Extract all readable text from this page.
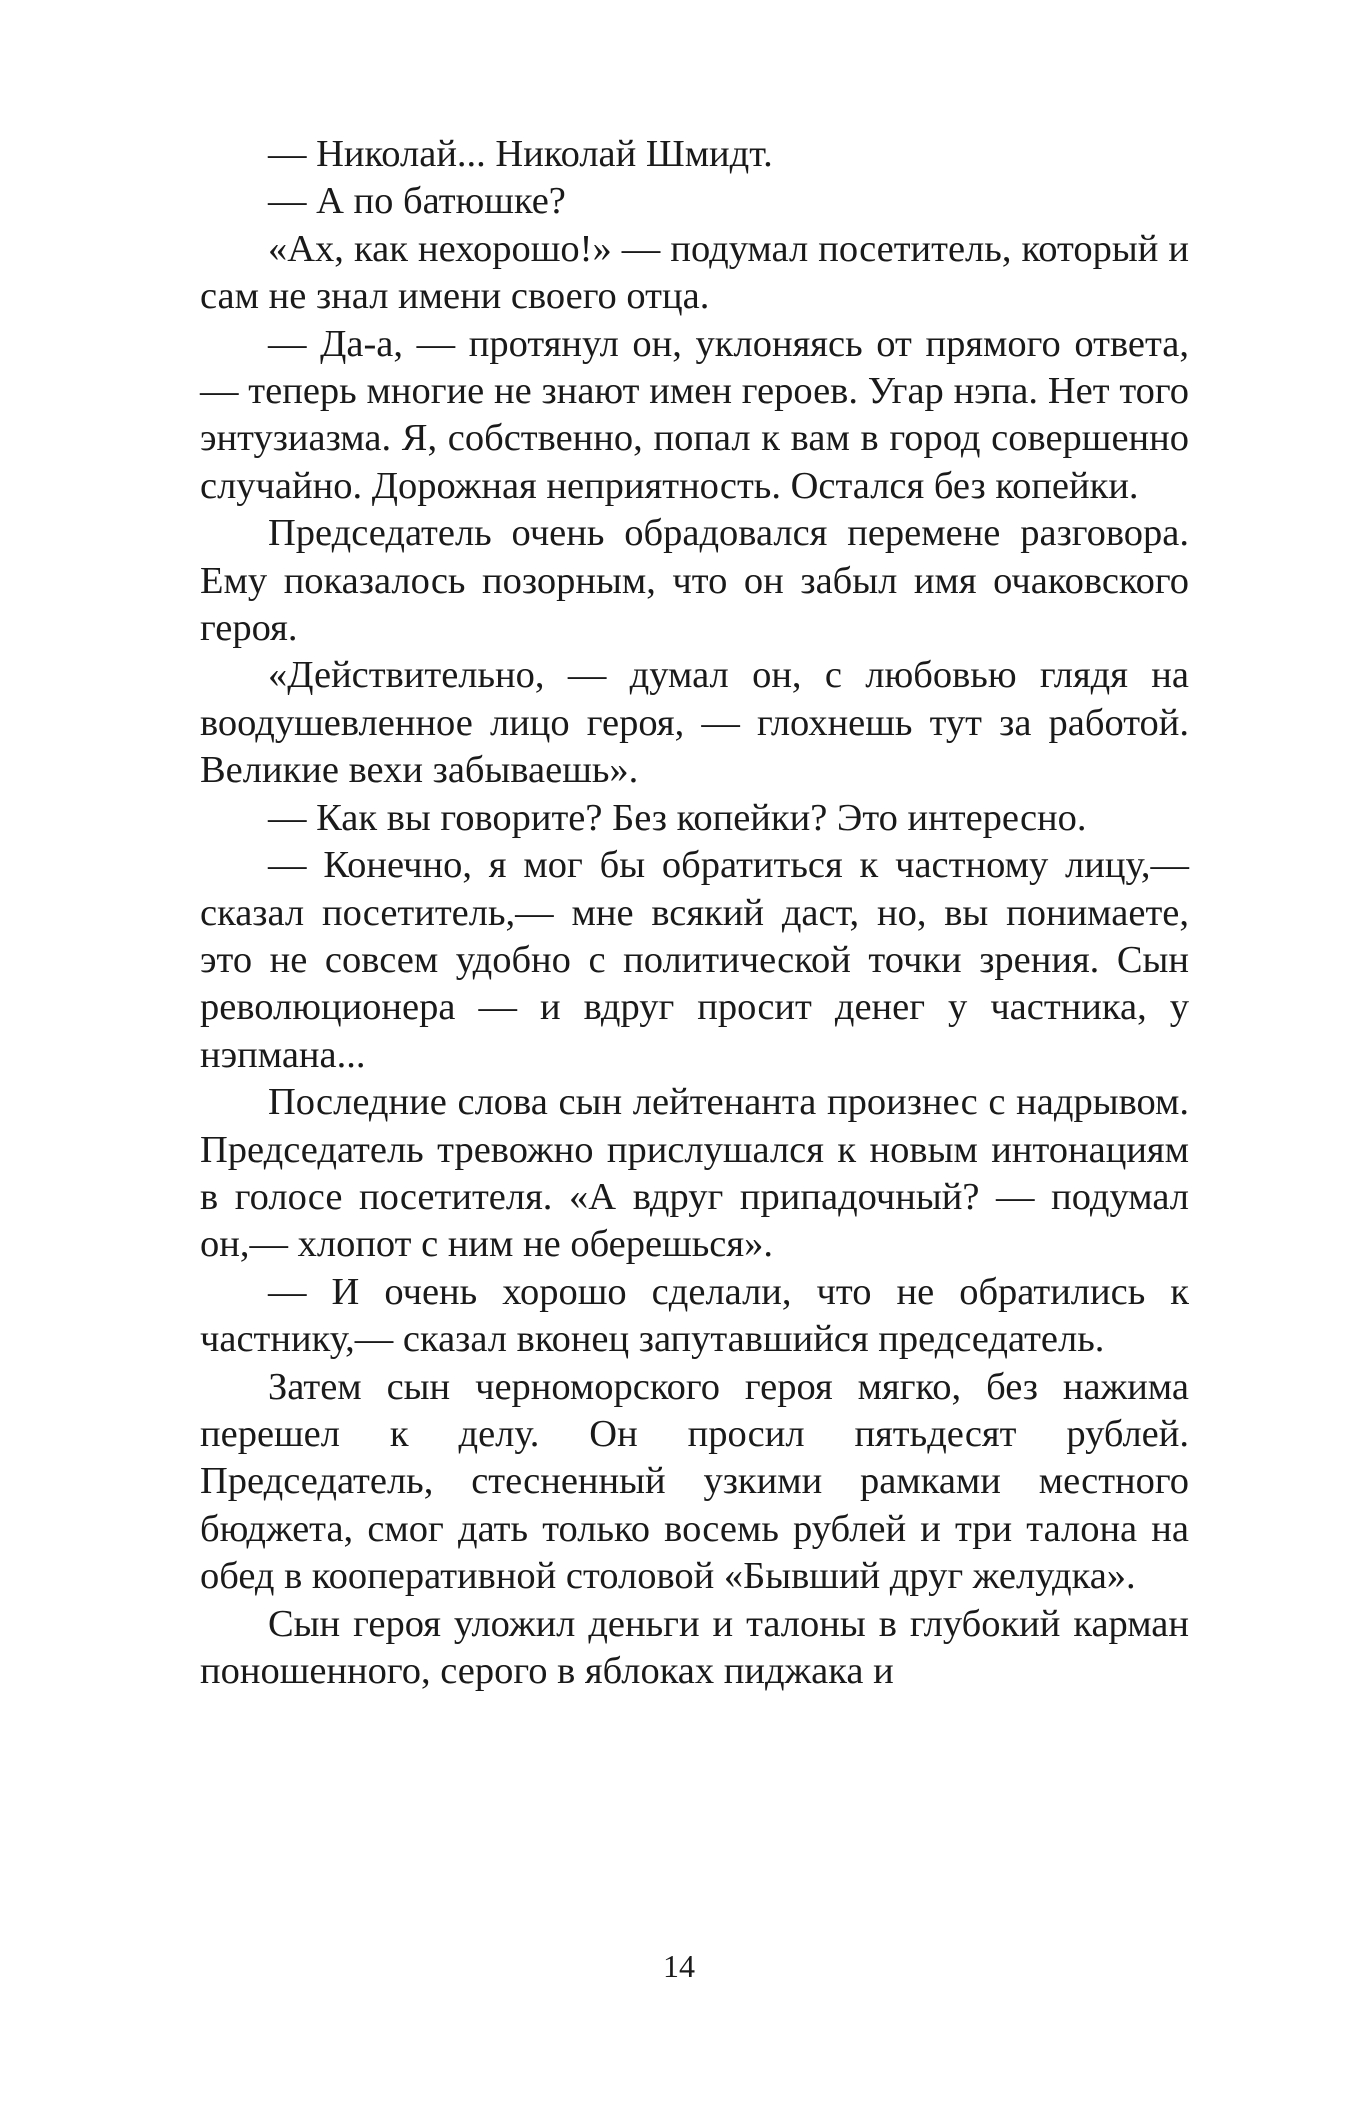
— Николай... Николай Шмидт.

— А по батюшке?

«Ах, как нехорошо!» — подумал посетитель, который и сам не знал имени своего отца.

— Да-а, — протянул он, уклоняясь от прямого ответа,— теперь многие не знают имен героев. Угар нэпа. Нет того энтузиазма. Я, собственно, попал к вам в город совершенно случайно. Дорожная неприятность. Остался без копейки.

Председатель очень обрадовался перемене разговора. Ему показалось позорным, что он забыл имя очаковского героя.

«Действительно, — думал он, с любовью глядя на воодушевленное лицо героя, — глохнешь тут за работой. Великие вехи забываешь».

— Как вы говорите? Без копейки? Это интересно.

— Конечно, я мог бы обратиться к частному лицу,— сказал посетитель,— мне всякий даст, но, вы понимаете, это не совсем удобно с политической точки зрения. Сын революционера — и вдруг просит денег у частника, у нэпмана...

Последние слова сын лейтенанта произнес с надрывом. Председатель тревожно прислушался к новым интонациям в голосе посетителя. «А вдруг припадочный? — подумал он,— хлопот с ним не оберешься».

— И очень хорошо сделали, что не обратились к частнику,— сказал вконец запутавшийся председатель.

Затем сын черноморского героя мягко, без нажима перешел к делу. Он просил пятьдесят рублей. Председатель, стесненный узкими рамками местного бюджета, смог дать только восемь рублей и три талона на обед в кооперативной столовой «Бывший друг желудка».

Сын героя уложил деньги и талоны в глубокий карман поношенного, серого в яблоках пиджака и

14
